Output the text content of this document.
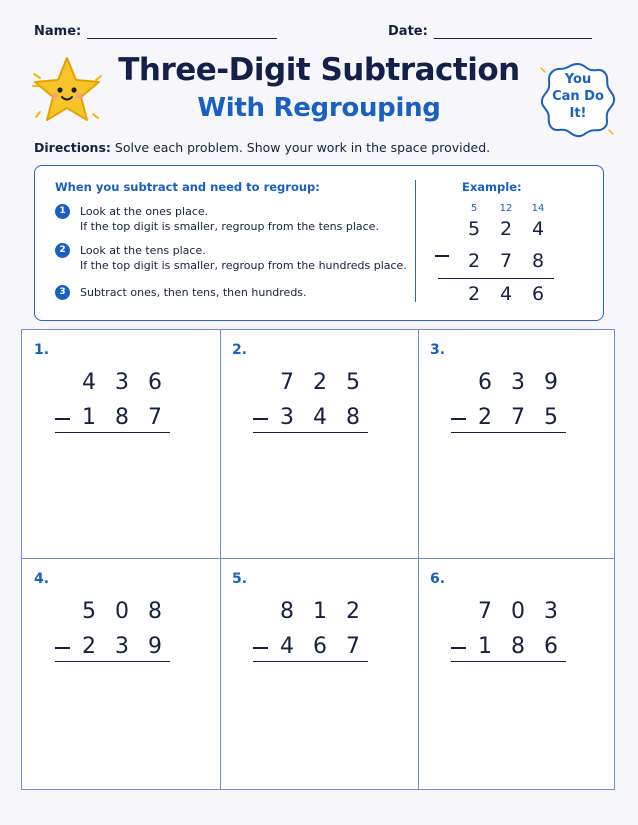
Name:	Date:
Three-Digit Subtraction
With Regrouping
You
Can Do
It!
Directions: Solve each problem. Show your work in the space provided.
When you subtract and need to regroup:
1	Look at the ones place.
If the top digit is smaller, regroup from the tens place.
2	Look at the tens place.
If the top digit is smaller, regroup from the hundreds place.
3	Subtract ones, then tens, then hundreds.
Example:
5	12	14
5	2	4
2	7	8
2	4	6
1.
4 3 6
1 8 7
2.
7 2 5
3 4 8
3.
6 3 9
2 7 5
4.
5 0 8
2 3 9
5.
8 1 2
4 6 7
6.
7 0 3
1 8 6
